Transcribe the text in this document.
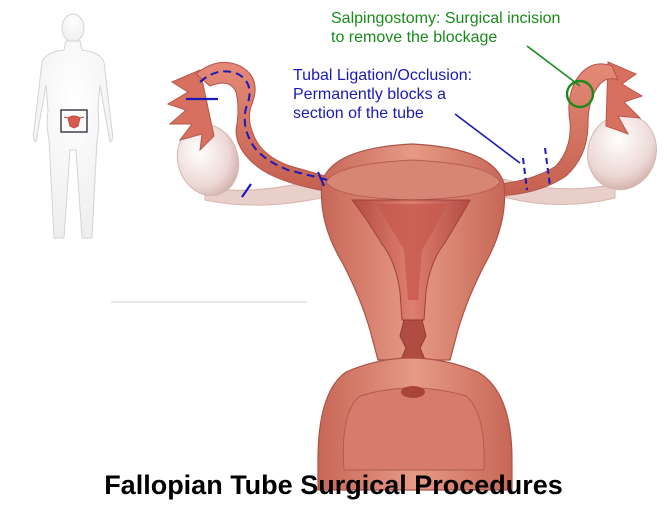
Salpingostomy: Surgical incision
to remove the blockage
Tubal Ligation/Occlusion:
Permanently blocks a
section of the tube
Fallopian Tube Surgical Procedures
